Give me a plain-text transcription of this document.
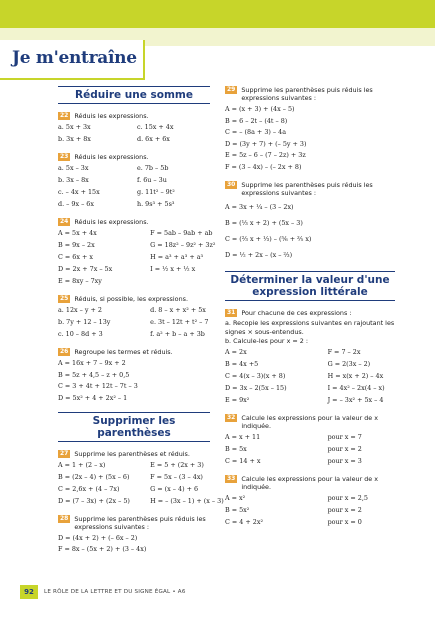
Je m'entraîne
Réduire une somme
22 Réduis les expressions.
a. 5x + 3x	c. 15x + 4x
b. 3x + 8x	d. 6x + 6x
23 Réduis les expressions.
a. 5x – 3x	e. 7b – 5b
b. 3x – 8x	f. 6u – 3u
c. – 4x + 15x	g. 11t² – 9t²
d. – 9x – 6x	h. 9s³ + 5s³
24 Réduis les expressions.
A = 5x + 4x	F = 5ab – 9ab + ab
B = 9x – 2x	G = 18z² – 9z² + 3z²
C = 6x + x	H = a³ + a³ + a³
D = 2x + 7x – 5x	I = ½ x + ½ x
E = 8xy – 7xy
25 Réduis, si possible, les expressions.
a. 12x – y + 2	d. 8 – x + x² + 5x
b. 7y + 12 – 13y	e. 3t – 12t + t² – 7
c. 10 – 8d + 3	f. a² + b – a + 3b
26 Regroupe les termes et réduis.
A = 16x + 7 – 9x + 2
B = 5z + 4,5 – z + 0,5
C = 3 + 4t + 12t – 7t – 3
D = 5x² + 4 + 2x² – 1
Supprimer les parenthèses
27 Supprime les parenthèses et réduis.
A = 1 + (2 – x)	E = 5 + (2x + 3)
B = (2x – 4) + (5x – 6)	F = 5x – (3 – 4x)
C = 2,6x + (4 – 7x)	G = (x – 4) + 6
D = (7 – 3x) + (2x – 5)	H = – (3x – 1) + (x – 3)
28 Supprime les parenthèses puis réduis les expressions suivantes :
D = (4x + 2) + (– 6x – 2)
F = 8x – (5x + 2) + (3 – 4x)
29 Supprime les parenthèses puis réduis les expressions suivantes :
A = (x + 3) + (4x – 5)
B = 6 – 2t – (4t – 8)
C = – (8a + 3) – 4a
D = (3y + 7) + (– 5y + 3)
E = 5z – 6 – (7 – 2z) + 3z
F = (3 – 4x) – (– 2x + 8)
30 Supprime les parenthèses puis réduis les expressions suivantes :
A = 3x + ¼ – (3 – 2x)
B = (⅓ x + 2) + (5x – 3)
C = (⅔ x + ⅓) – (⅚ + ⅖ x)
D = ½ + 2x – (x – ⅔)
Déterminer la valeur d'une expression littérale
31 Pour chacune de ces expressions :
a. Recopie les expressions suivantes en rajoutant les signes × sous-entendus.
b. Calcule-les pour x = 2 :
A = 2x	F = 7 – 2x
B = 4x +5	G = 2(3x – 2)
C = 4(x – 3)(x + 8)	H = x(x + 2) – 4x
D = 3x – 2(5x – 15)	I = 4x² – 2x(4 – x)
E = 9x²	J = – 3x² + 5x – 4
32 Calcule les expressions pour la valeur de x indiquée.
A = x + 11	pour x = 7
B = 5x	pour x = 2
C = 14 + x	pour x = 3
33 Calcule les expressions pour la valeur de x indiquée.
A = x²	pour x = 2,5
B = 5x²	pour x = 2
C = 4 + 2x²	pour x = 0
92	LE RÔLE DE LA LETTRE ET DU SIGNE ÉGAL • A6
